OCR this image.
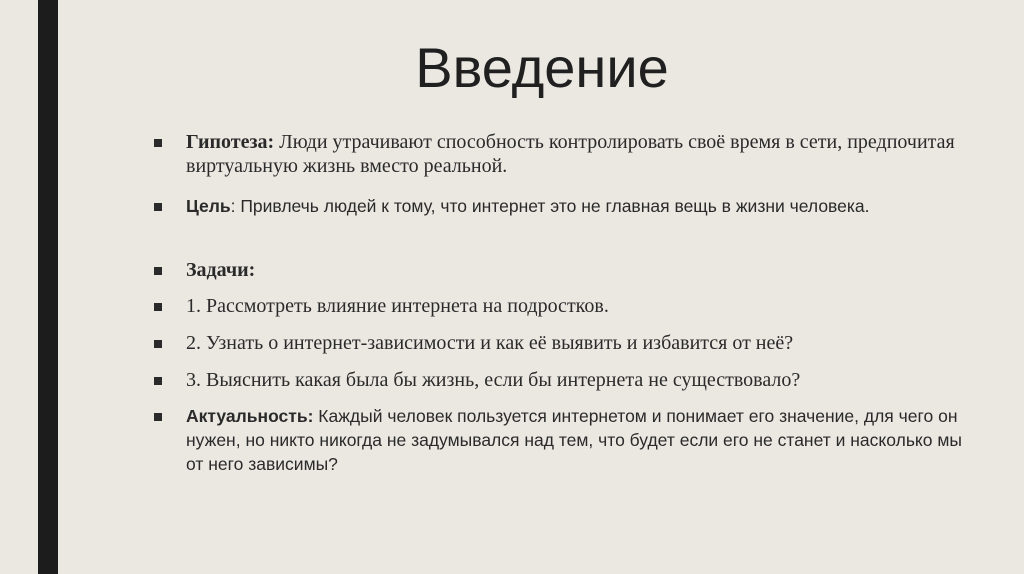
Введение
Гипотеза: Люди утрачивают способность контролировать своё время в сети, предпочитая виртуальную жизнь вместо реальной.
Цель: Привлечь людей к тому, что интернет это не главная вещь в жизни человека.
Задачи:
1. Рассмотреть влияние интернета на подростков.
2. Узнать о интернет-зависимости и как её выявить и избавится от неё?
3. Выяснить какая была бы жизнь, если бы интернета не существовало?
Актуальность: Каждый человек пользуется интернетом и понимает его значение, для чего он нужен, но никто никогда не задумывался над тем, что будет если его не станет и насколько мы от него зависимы?
